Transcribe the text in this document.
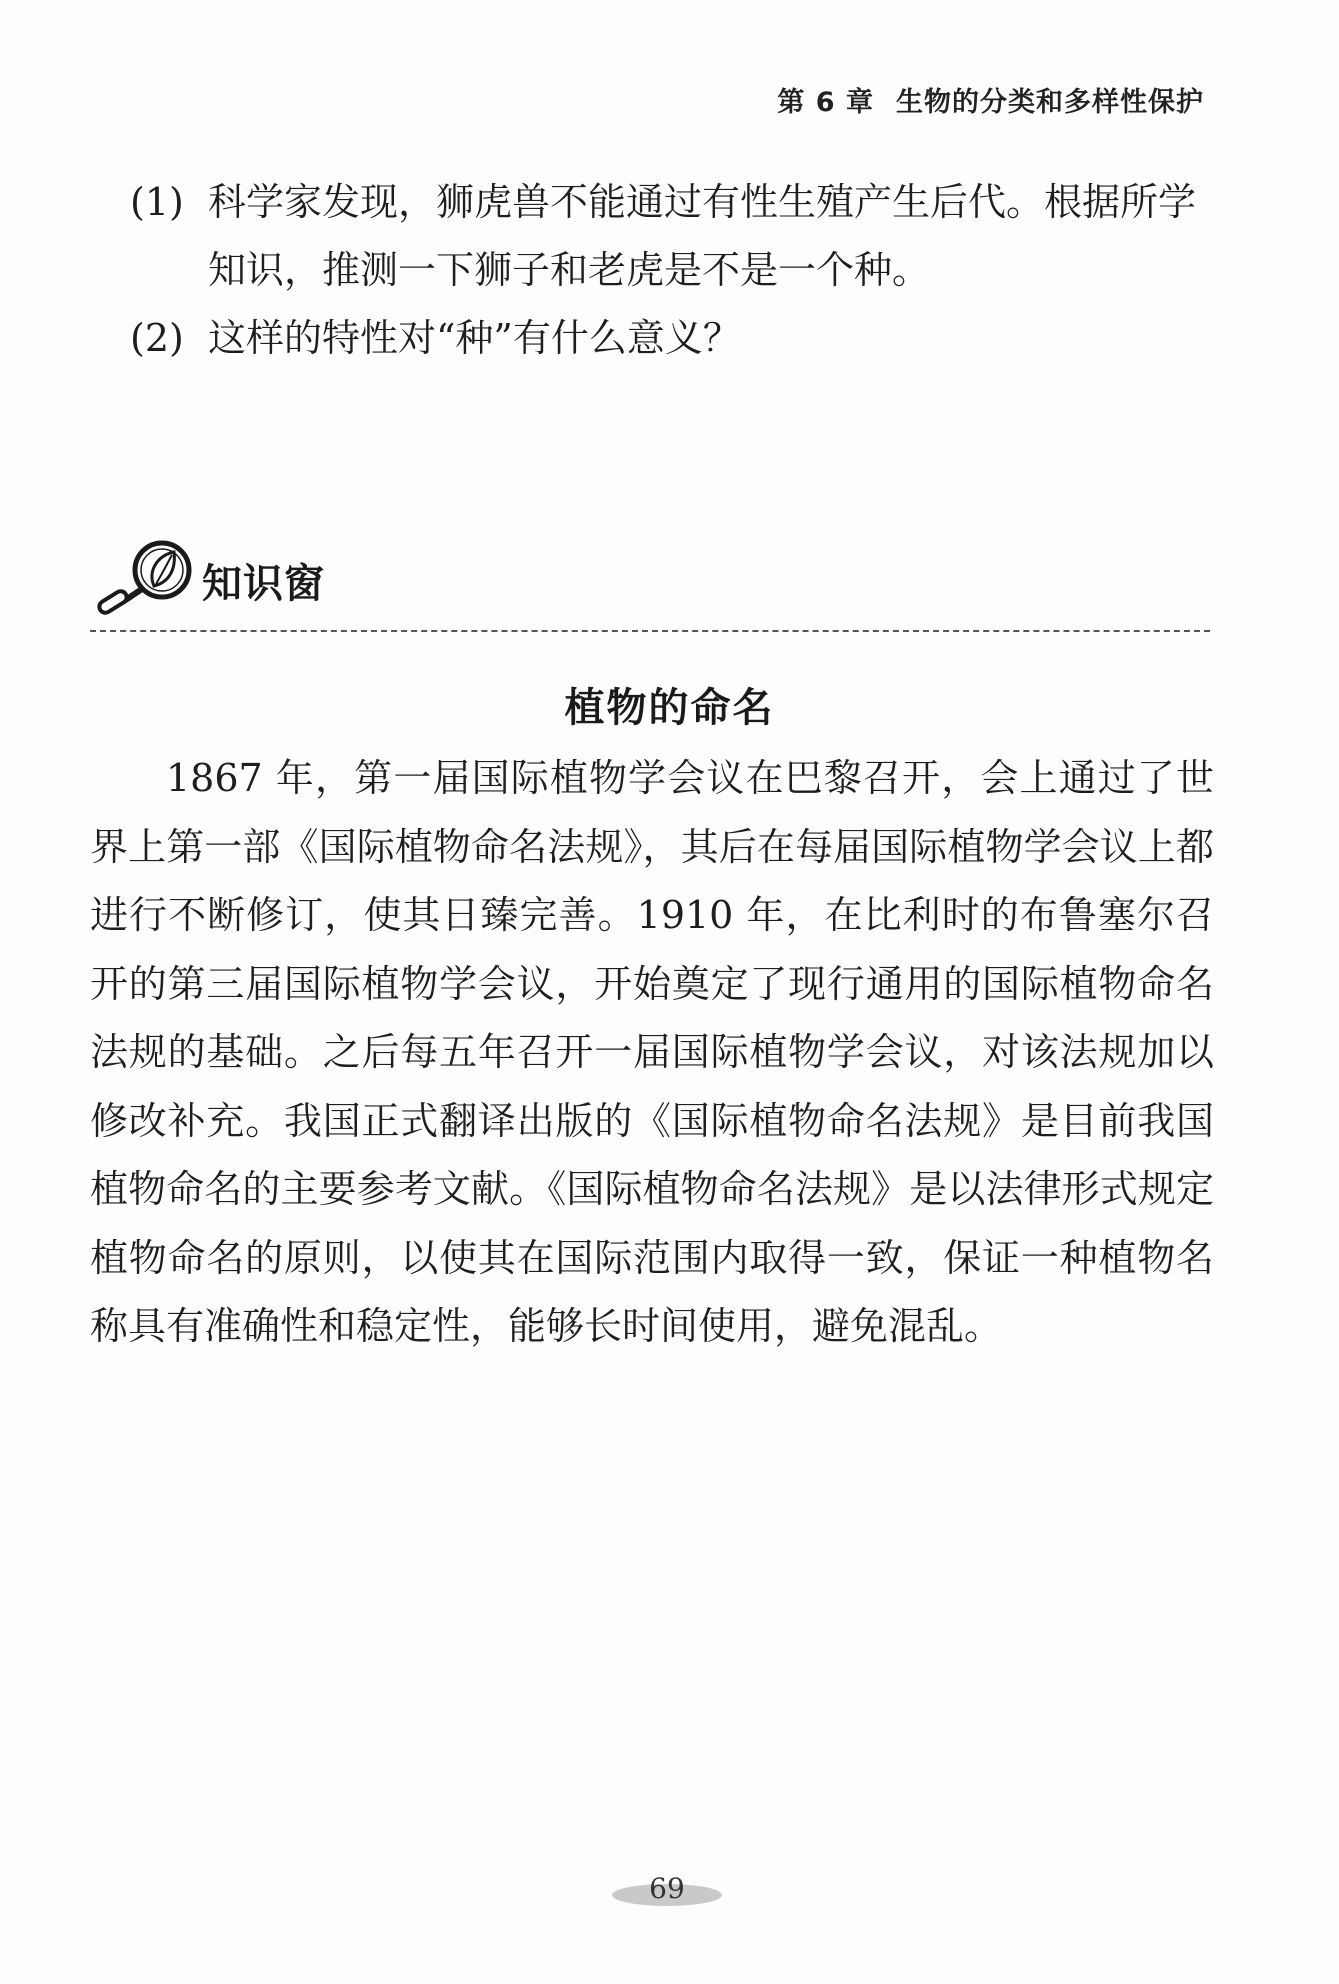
第 6 章 生物的分类和多样性保护
(1) 科学家发现，狮虎兽不能通过有性生殖产生后代。根据所学知识，推测一下狮子和老虎是不是一个种。
(2) 这样的特性对“种”有什么意义？
知识窗
植物的命名

1867 年，第一届国际植物学会议在巴黎召开，会上通过了世界上第一部《国际植物命名法规》，其后在每届国际植物学会议上都进行不断修订，使其日臻完善。1910 年，在比利时的布鲁塞尔召开的第三届国际植物学会议，开始奠定了现行通用的国际植物命名法规的基础。之后每五年召开一届国际植物学会议，对该法规加以修改补充。我国正式翻译出版的《国际植物命名法规》是目前我国植物命名的主要参考文献。《国际植物命名法规》是以法律形式规定植物命名的原则，以使其在国际范围内取得一致，保证一种植物名称具有准确性和稳定性，能够长时间使用，避免混乱。

69
